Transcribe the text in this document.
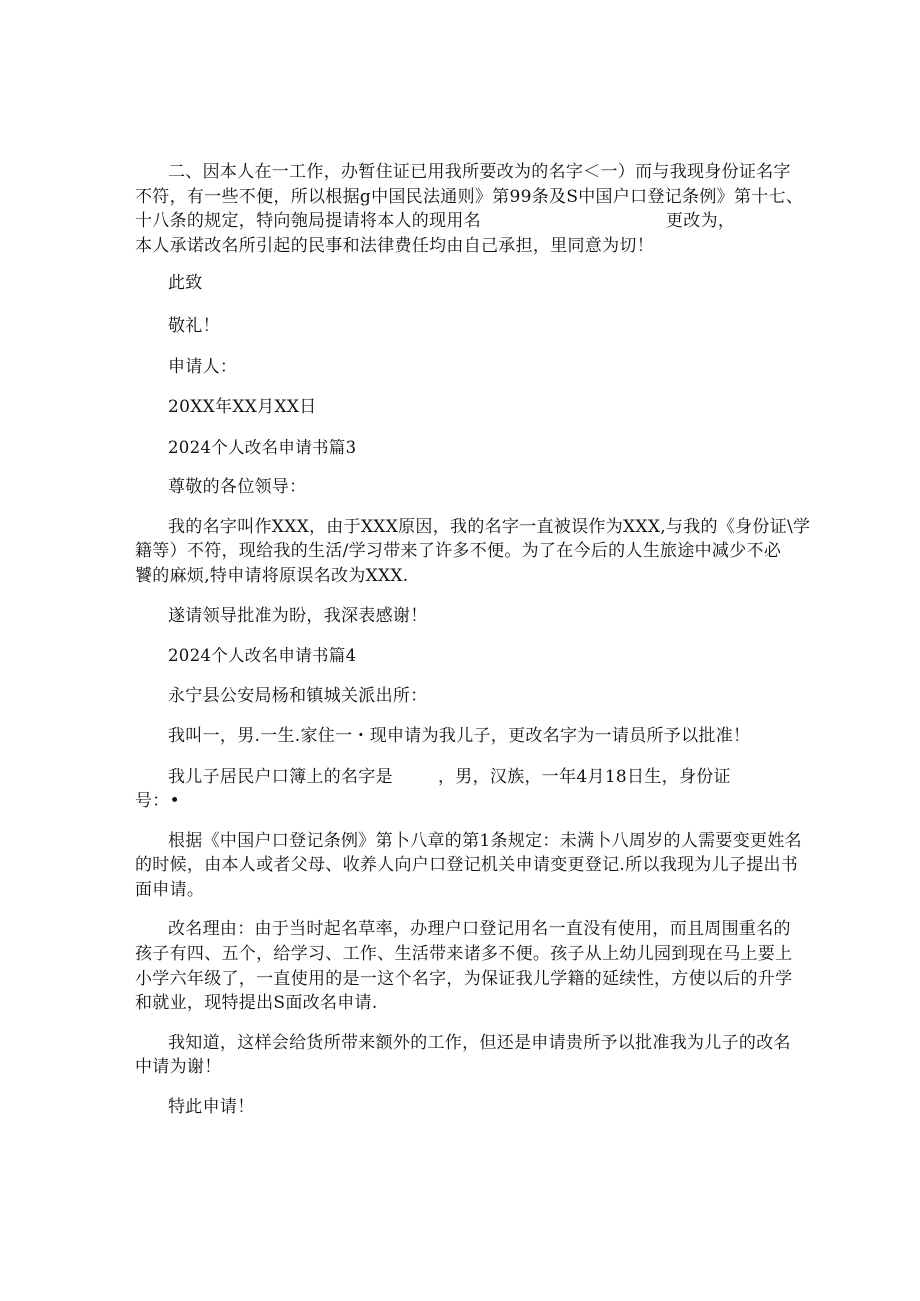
二、因本人在一工作，办暂住证已用我所要改为的名字＜一）而与我现身份证名字
不符，有一些不便，所以根据g中国民法通则》第99条及S中国户口登记条例》第十七、
十八条的规定，特向匏局提请将本人的现用名	更改为，
本人承诺改名所引起的民事和法律费任均由自己承担，里同意为切！
此致
敬礼！
申请人：
20XX年XX月XX日
2024个人改名申请书篇3
尊敬的各位领导：
我的名字叫作XXX，由于XXX原因，我的名字一直被误作为XXX,与我的《身份证\学
籍等）不符，现给我的生活/学习带来了许多不便。为了在今后的人生旅途中减少不必
饕的麻烦,特申请将原误名改为XXX.
遂请领导批准为盼，我深表感谢！
2024个人改名申请书篇4
永宁县公安局杨和镇城关派出所：
我叫一，男.一生.家住一・现申请为我儿子，更改名字为一请员所予以批准！
我儿子居民户口簿上的名字是	，男，汉族，一年4月18日生，身份证
号：•
根据《中国户口登记条例》第卜八章的第1条规定：未满卜八周岁的人需要变更姓名
的时候，由本人或者父母、收养人向户口登记机关申请变更登记.所以我现为儿子提出书
面申请。
改名理由：由于当时起名草率，办理户口登记用名一直没有使用，而且周围重名的
孩子有四、五个，给学习、工作、生活带来诸多不便。孩子从上幼儿园到现在马上要上
小学六年级了，一直使用的是一这个名字，为保证我儿学籍的延续性，方使以后的升学
和就业，现特提出S面改名申请.
我知道，这样会给货所带来额外的工作，但还是申请贵所予以批准我为儿子的改名
中请为谢！
特此申请！
